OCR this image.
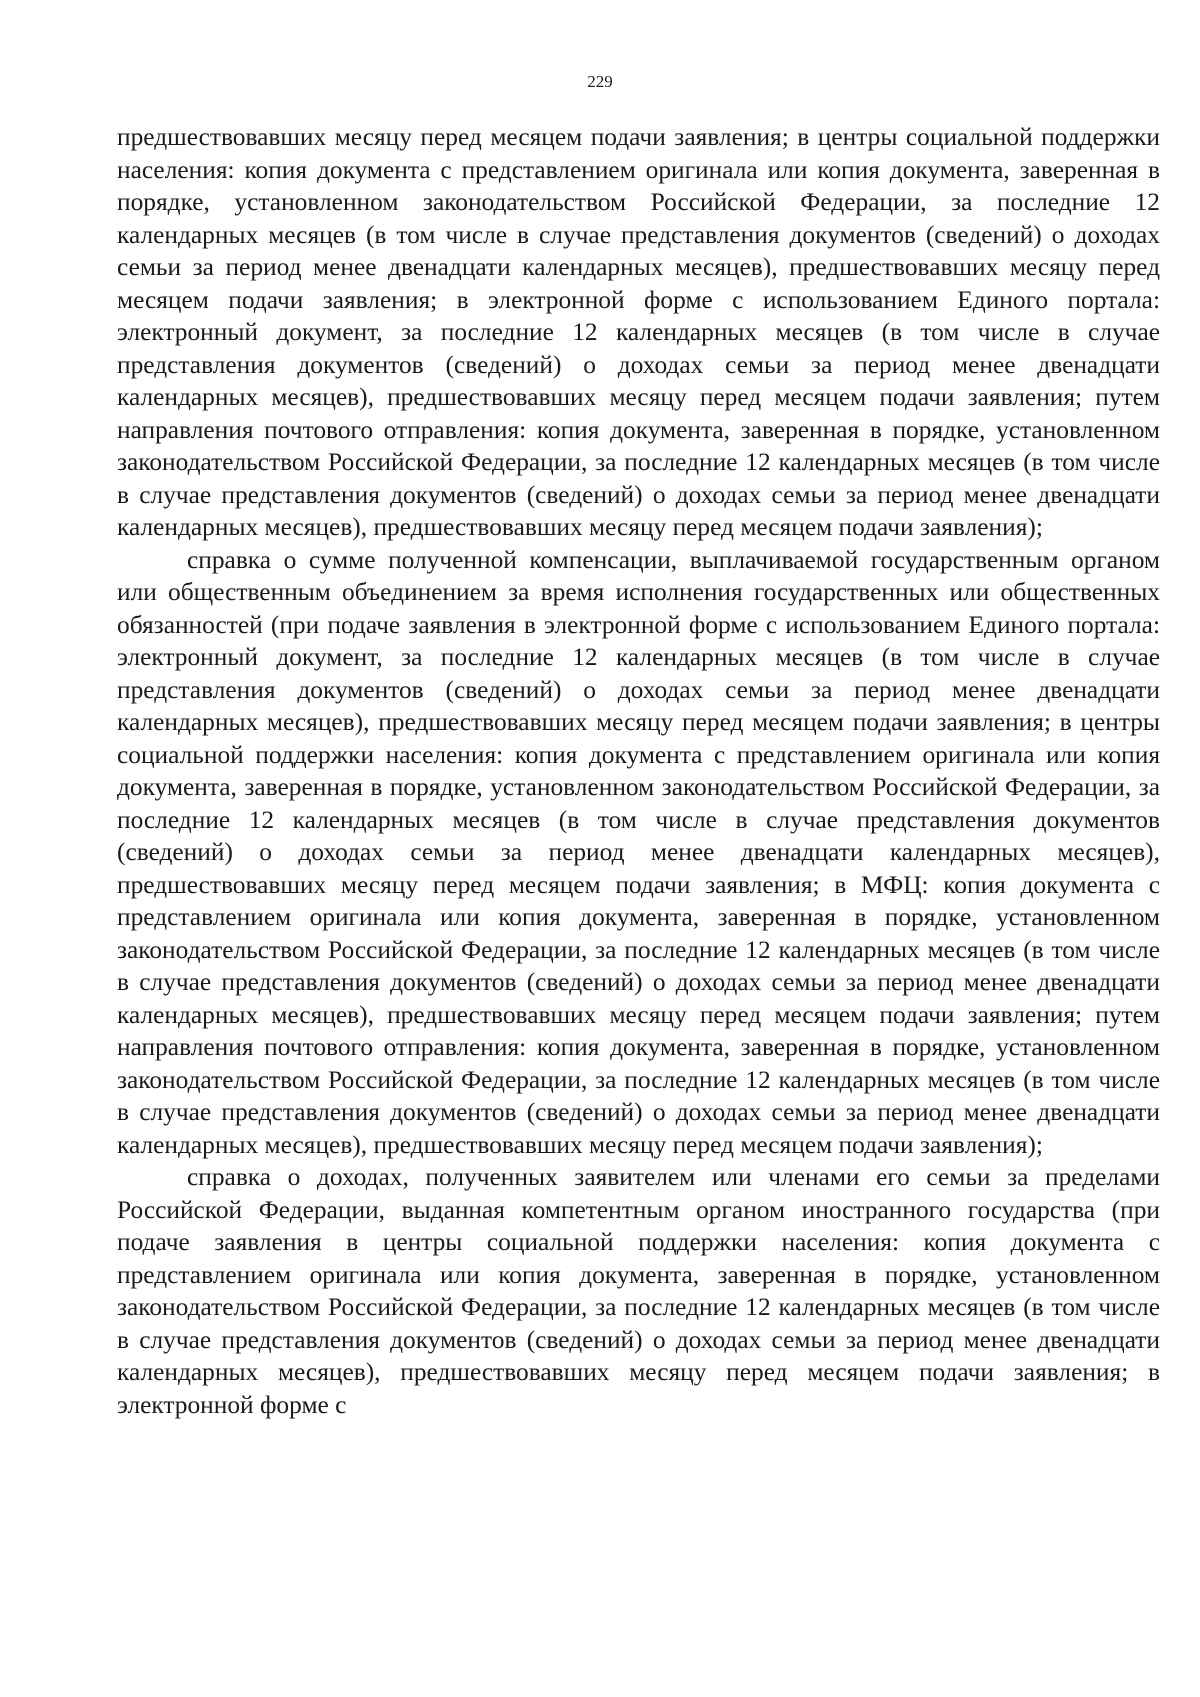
229

предшествовавших месяцу перед месяцем подачи заявления; в центры социальной поддержки населения: копия документа с представлением оригинала или копия документа, заверенная в порядке, установленном законодательством Российской Федерации, за последние 12 календарных месяцев (в том числе в случае представления документов (сведений) о доходах семьи за период менее двенадцати календарных месяцев), предшествовавших месяцу перед месяцем подачи заявления; в электронной форме с использованием Единого портала: электронный документ, за последние 12 календарных месяцев (в том числе в случае представления документов (сведений) о доходах семьи за период менее двенадцати календарных месяцев), предшествовавших месяцу перед месяцем подачи заявления; путем направления почтового отправления: копия документа, заверенная в порядке, установленном законодательством Российской Федерации, за последние 12 календарных месяцев (в том числе в случае представления документов (сведений) о доходах семьи за период менее двенадцати календарных месяцев), предшествовавших месяцу перед месяцем подачи заявления);

справка о сумме полученной компенсации, выплачиваемой государственным органом или общественным объединением за время исполнения государственных или общественных обязанностей (при подаче заявления в электронной форме с использованием Единого портала: электронный документ, за последние 12 календарных месяцев (в том числе в случае представления документов (сведений) о доходах семьи за период менее двенадцати календарных месяцев), предшествовавших месяцу перед месяцем подачи заявления; в центры социальной поддержки населения: копия документа с представлением оригинала или копия документа, заверенная в порядке, установленном законодательством Российской Федерации, за последние 12 календарных месяцев (в том числе в случае представления документов (сведений) о доходах семьи за период менее двенадцати календарных месяцев), предшествовавших месяцу перед месяцем подачи заявления; в МФЦ: копия документа с представлением оригинала или копия документа, заверенная в порядке, установленном законодательством Российской Федерации, за последние 12 календарных месяцев (в том числе в случае представления документов (сведений) о доходах семьи за период менее двенадцати календарных месяцев), предшествовавших месяцу перед месяцем подачи заявления; путем направления почтового отправления: копия документа, заверенная в порядке, установленном законодательством Российской Федерации, за последние 12 календарных месяцев (в том числе в случае представления документов (сведений) о доходах семьи за период менее двенадцати календарных месяцев), предшествовавших месяцу перед месяцем подачи заявления);

справка о доходах, полученных заявителем или членами его семьи за пределами Российской Федерации, выданная компетентным органом иностранного государства (при подаче заявления в центры социальной поддержки населения: копия документа с представлением оригинала или копия документа, заверенная в порядке, установленном законодательством Российской Федерации, за последние 12 календарных месяцев (в том числе в случае представления документов (сведений) о доходах семьи за период менее двенадцати календарных месяцев), предшествовавших месяцу перед месяцем подачи заявления; в электронной форме с
